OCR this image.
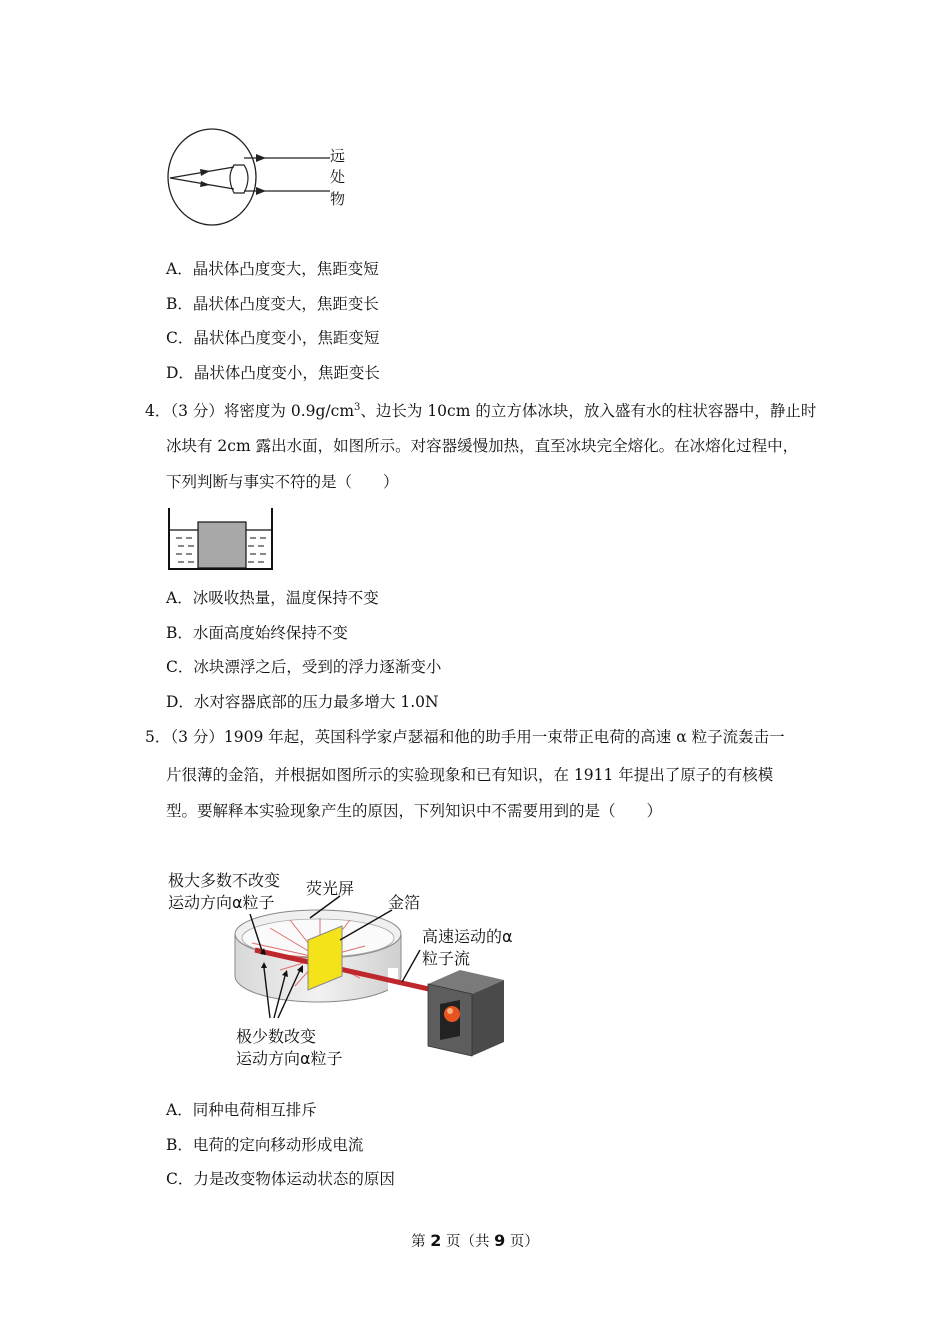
远
处
物
A．晶状体凸度变大，焦距变短
B．晶状体凸度变大，焦距变长
C．晶状体凸度变小，焦距变短
D．晶状体凸度变小，焦距变长
4．（3 分）将密度为 $0.9g/cm^3$、边长为 10cm 的立方体冰块，放入盛有水的柱状容器中，静止时
冰块有 2cm 露出水面，如图所示。对容器缓慢加热，直至冰块完全熔化。在冰熔化过程中，
下列判断与事实不符的是（　　）
A．冰吸收热量，温度保持不变
B．水面高度始终保持不变
C．冰块漂浮之后，受到的浮力逐渐变小
D．水对容器底部的压力最多增大 1.0N
5．（3 分）1909 年起，英国科学家卢瑟福和他的助手用一束带正电荷的高速 α 粒子流轰击一
片很薄的金箔，并根据如图所示的实验现象和已有知识，在 1911 年提出了原子的有核模
型。要解释本实验现象产生的原因，下列知识中不需要用到的是（　　）
极大多数不改变
运动方向α粒子
荧光屏
金箔
高速运动的α
粒子流
极少数改变
运动方向α粒子
A．同种电荷相互排斥
B．电荷的定向移动形成电流
C．力是改变物体运动状态的原因
第 2 页（共 9 页）
